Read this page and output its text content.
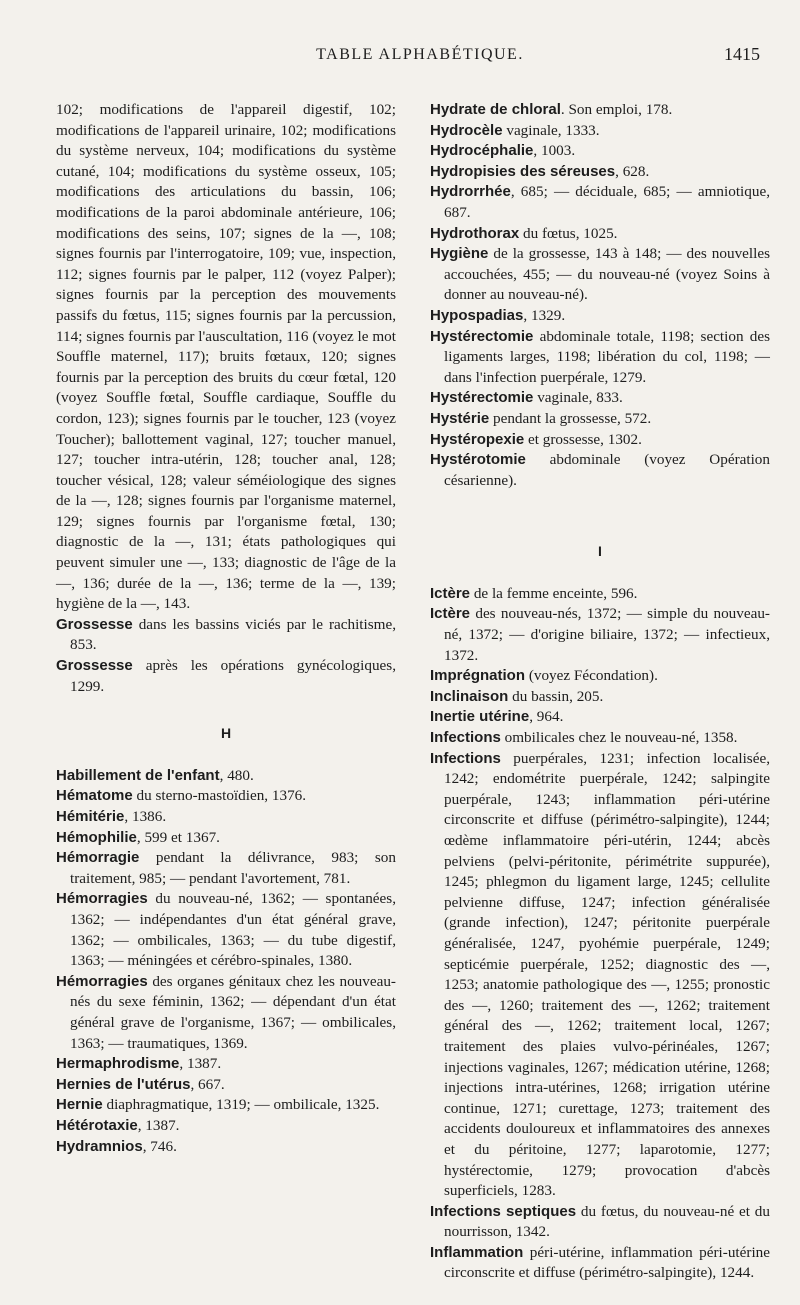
TABLE ALPHABÉTIQUE.	1415

102; modifications de l'appareil digestif, 102; modifications de l'appareil urinaire, 102; modifications du système nerveux, 104; modifications du système cutané, 104; modifications du système osseux, 105; modifications des articulations du bassin, 106; modifications de la paroi abdominale antérieure, 106; modifications des seins, 107; signes de la —, 108; signes fournis par l'interrogatoire, 109; vue, inspection, 112; signes fournis par le palper, 112 (voyez Palper); signes fournis par la perception des mouvements passifs du fœtus, 115; signes fournis par la percussion, 114; signes fournis par l'auscultation, 116 (voyez le mot Souffle maternel, 117); bruits fœtaux, 120; signes fournis par la perception des bruits du cœur fœtal, 120 (voyez Souffle fœtal, Souffle cardiaque, Souffle du cordon, 123); signes fournis par le toucher, 123 (voyez Toucher); ballottement vaginal, 127; toucher manuel, 127; toucher intra-utérin, 128; toucher anal, 128; toucher vésical, 128; valeur séméiologique des signes de la —, 128; signes fournis par l'organisme maternel, 129; signes fournis par l'organisme fœtal, 130; diagnostic de la —, 131; états pathologiques qui peuvent simuler une —, 133; diagnostic de l'âge de la —, 136; durée de la —, 136; terme de la —, 139; hygiène de la —, 143.

Grossesse dans les bassins viciés par le rachitisme, 853.

Grossesse après les opérations gynécologiques, 1299.

H

Habillement de l'enfant, 480.

Hématome du sterno-mastoïdien, 1376.

Hémitérie, 1386.

Hémophilie, 599 et 1367.

Hémorragie pendant la délivrance, 983; son traitement, 985; — pendant l'avortement, 781.

Hémorragies du nouveau-né, 1362; — spontanées, 1362; — indépendantes d'un état général grave, 1362; — ombilicales, 1363; — du tube digestif, 1363; — méningées et cérébro-spinales, 1380.

Hémorragies des organes génitaux chez les nouveau-nés du sexe féminin, 1362; — dépendant d'un état général grave de l'organisme, 1367; — ombilicales, 1363; — traumatiques, 1369.

Hermaphrodisme, 1387.

Hernies de l'utérus, 667.

Hernie diaphragmatique, 1319; — ombilicale, 1325.

Hétérotaxie, 1387.

Hydramnios, 746.

Hydrate de chloral. Son emploi, 178.

Hydrocèle vaginale, 1333.

Hydrocéphalie, 1003.

Hydropisies des séreuses, 628.

Hydrorrhée, 685; — déciduale, 685; — amniotique, 687.

Hydrothorax du fœtus, 1025.

Hygiène de la grossesse, 143 à 148; — des nouvelles accouchées, 455; — du nouveau-né (voyez Soins à donner au nouveau-né).

Hypospadias, 1329.

Hystérectomie abdominale totale, 1198; section des ligaments larges, 1198; libération du col, 1198; — dans l'infection puerpérale, 1279.

Hystérectomie vaginale, 833.

Hystérie pendant la grossesse, 572.

Hystéropexie et grossesse, 1302.

Hystérotomie abdominale (voyez Opération césarienne).

I

Ictère de la femme enceinte, 596.

Ictère des nouveau-nés, 1372; — simple du nouveau-né, 1372; — d'origine biliaire, 1372; — infectieux, 1372.

Imprégnation (voyez Fécondation).

Inclinaison du bassin, 205.

Inertie utérine, 964.

Infections ombilicales chez le nouveau-né, 1358.

Infections puerpérales, 1231; infection localisée, 1242; endométrite puerpérale, 1242; salpingite puerpérale, 1243; inflammation péri-utérine circonscrite et diffuse (périmétro-salpingite), 1244; œdème inflammatoire péri-utérin, 1244; abcès pelviens (pelvi-péritonite, périmétrite suppurée), 1245; phlegmon du ligament large, 1245; cellulite pelvienne diffuse, 1247; infection généralisée (grande infection), 1247; péritonite puerpérale généralisée, 1247, pyohémie puerpérale, 1249; septicémie puerpérale, 1252; diagnostic des —, 1253; anatomie pathologique des —, 1255; pronostic des —, 1260; traitement des —, 1262; traitement général des —, 1262; traitement local, 1267; traitement des plaies vulvo-périnéales, 1267; injections vaginales, 1267; médication utérine, 1268; injections intra-utérines, 1268; irrigation utérine continue, 1271; curettage, 1273; traitement des accidents douloureux et inflammatoires des annexes et du péritoine, 1277; laparotomie, 1277; hystérectomie, 1279; provocation d'abcès superficiels, 1283.

Infections septiques du fœtus, du nouveau-né et du nourrisson, 1342.

Inflammation péri-utérine, inflammation péri-utérine circonscrite et diffuse (périmétro-salpingite), 1244.
